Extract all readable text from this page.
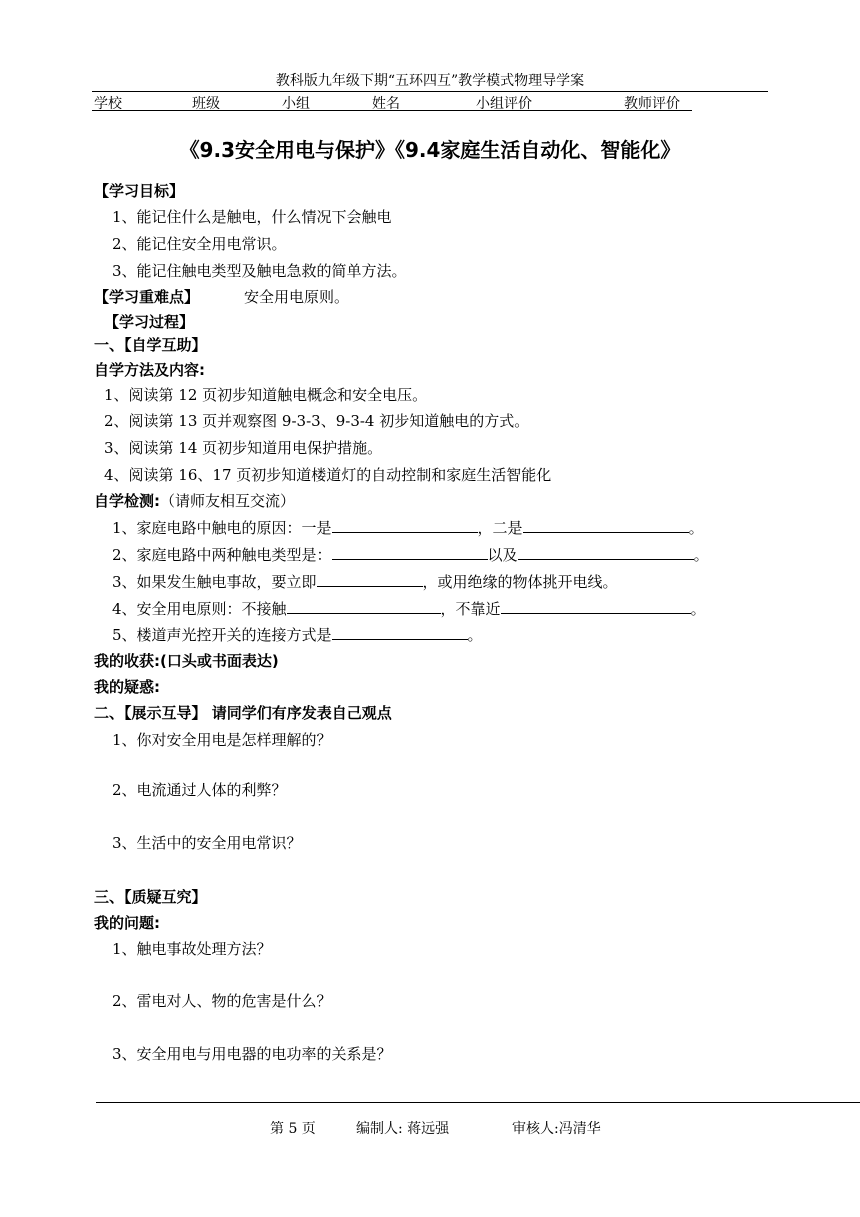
教科版九年级下期“五环四互”教学模式物理导学案
学校	班级	小组	姓名	小组评价	教师评价
《9.3安全用电与保护》《9.4家庭生活自动化、智能化》
【学习目标】
1、能记住什么是触电，什么情况下会触电
2、能记住安全用电常识。
3、能记住触电类型及触电急救的简单方法。
【学习重难点】	安全用电原则。
【学习过程】
一、【自学互助】
自学方法及内容:
1、阅读第 12 页初步知道触电概念和安全电压。
2、阅读第 13 页并观察图 9-3-3、9-3-4 初步知道触电的方式。
3、阅读第 14 页初步知道用电保护措施。
4、阅读第 16、17 页初步知道楼道灯的自动控制和家庭生活智能化
自学检测:（请师友相互交流）
1、家庭电路中触电的原因：一是	，二是	。
2、家庭电路中两种触电类型是：	以及	。
3、如果发生触电事故，要立即	，或用绝缘的物体挑开电线。
4、安全用电原则：不接触	，不靠近	。
5、楼道声光控开关的连接方式是	。
我的收获:(口头或书面表达)
我的疑惑:
二、【展示互导】 请同学们有序发表自己观点
1、你对安全用电是怎样理解的？
2、电流通过人体的利弊？
3、生活中的安全用电常识？
三、【质疑互究】
我的问题:
1、触电事故处理方法？
2、雷电对人、物的危害是什么？
3、安全用电与用电器的电功率的关系是？
第 5 页	编制人: 蒋远强	审核人:冯清华
